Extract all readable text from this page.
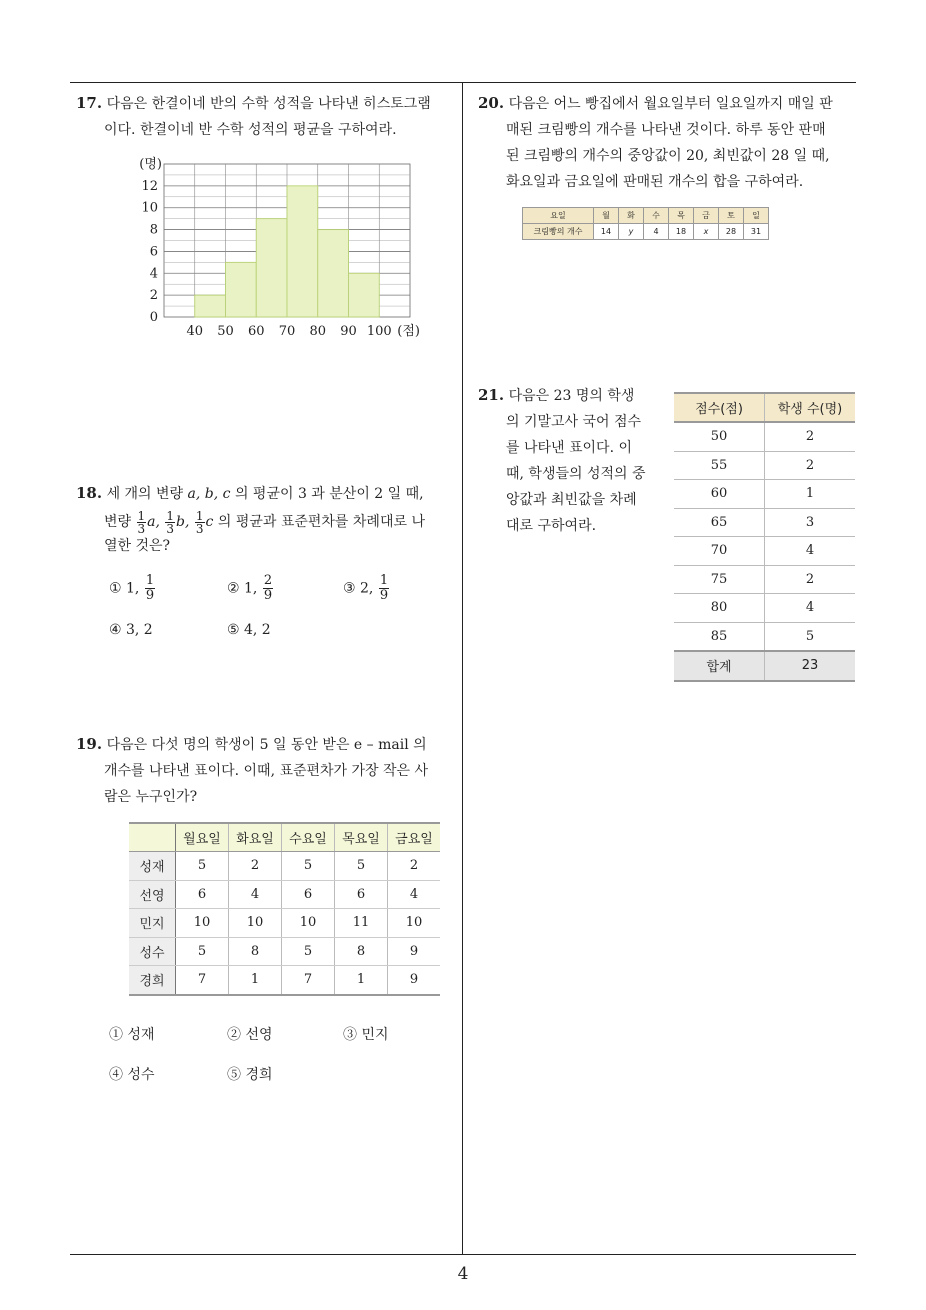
4

17. 다음은 한결이네 반의 수학 성적을 나타낸 히스토그램

이다. 한결이네 반 수학 성적의 평균을 구하여라.

0
2
4
6
8
10
12
40 50 60 70 80 90 100
(명)
(점)

18. 세 개의 변량 a, b, c 의 평균이 3 과 분산이 2 일 때,

변량 $\frac{1}{3} a$, $\frac{1}{3} b$, $\frac{1}{3}$ c 의 평균과 표준편차를 차례대로 나

열한 것은?

① 1, $\frac{1}{9}$	② 1, $\frac{2}{9}$	③ 2, $\frac{1}{9}$
④ 3, 2	⑤ 4, 2

19. 다음은 다섯 명의 학생이 5 일 동안 받은 e – mail 의

개수를 나타낸 표이다. 이때, 표준편차가 가장 작은 사

람은 누구인가?

	월요일	화요일	수요일	목요일	금요일
성재	5	2	5	5	2
선영	6	4	6	6	4
민지	10	10	10	11	10
성수	5	8	5	8	9
경희	7	1	7	1	9
① 성재	② 선영	③ 민지
④ 성수	⑤ 경희

20. 다음은 어느 빵집에서 월요일부터 일요일까지 매일 판

매된 크림빵의 개수를 나타낸 것이다. 하루 동안 판매

된 크림빵의 개수의 중앙값이 20, 최빈값이 28 일 때,

화요일과 금요일에 판매된 개수의 합을 구하여라.

요일	월	화	수	목	금	토	일
크림빵의 개수	14	y	4	18	x	28	31

21. 다음은 23 명의 학생

의 기말고사 국어 점수

를 나타낸 표이다. 이

때, 학생들의 성적의 중

앙값과 최빈값을 차례

대로 구하여라.

점수(점)	학생 수(명)
50	2
55	2
60	1
65	3
70	4
75	2
80	4
85	5
합계	23
